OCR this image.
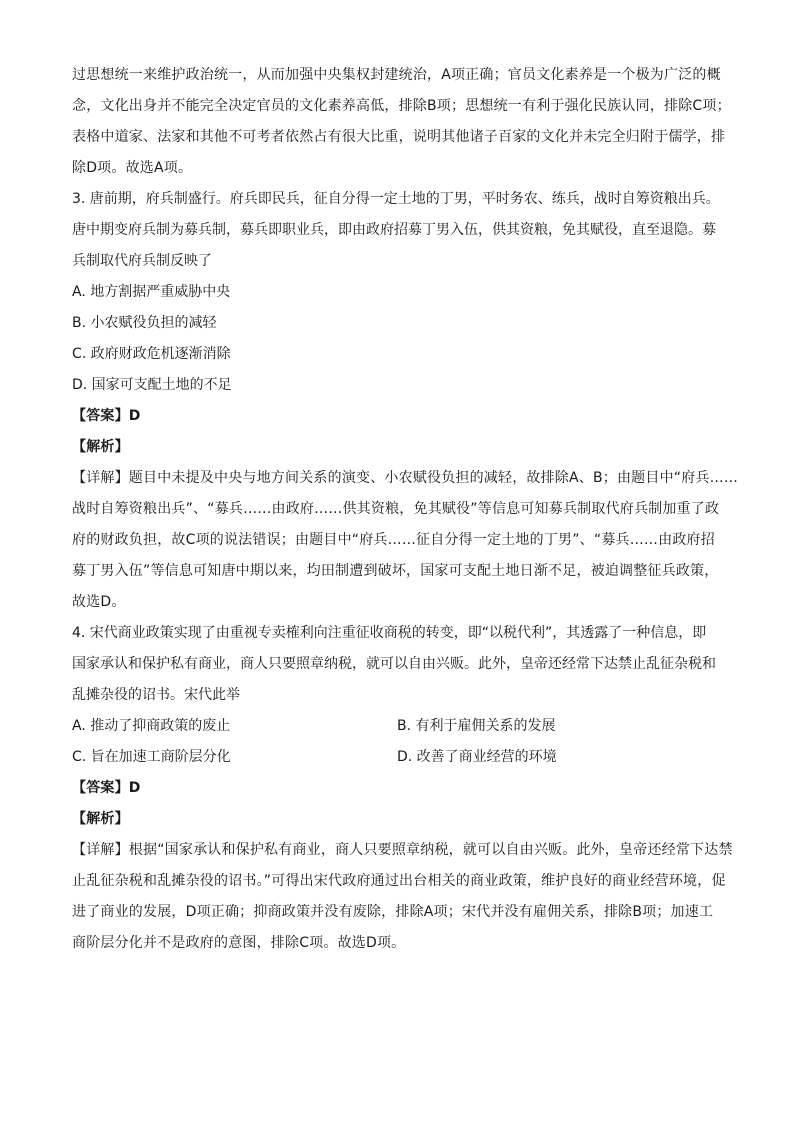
过思想统一来维护政治统一，从而加强中央集权封建统治，A项正确；官员文化素养是一个极为广泛的概

念，文化出身并不能完全决定官员的文化素养高低，排除B项；思想统一有利于强化民族认同，排除C项；

表格中道家、法家和其他不可考者依然占有很大比重，说明其他诸子百家的文化并未完全归附于儒学，排

除D项。故选A项。

3. 唐前期，府兵制盛行。府兵即民兵，征自分得一定土地的丁男，平时务农、练兵，战时自筹资粮出兵。

唐中期变府兵制为募兵制，募兵即职业兵，即由政府招募丁男入伍，供其资粮，免其赋役，直至退隐。募

兵制取代府兵制反映了

A. 地方割据严重威胁中央

B. 小农赋役负担的减轻

C. 政府财政危机逐渐消除

D. 国家可支配土地的不足

【答案】D

【解析】

【详解】题目中未提及中央与地方间关系的演变、小农赋役负担的减轻，故排除A、B；由题目中“府兵……

战时自筹资粮出兵”、“募兵……由政府……供其资粮，免其赋役”等信息可知募兵制取代府兵制加重了政

府的财政负担，故C项的说法错误；由题目中“府兵……征自分得一定土地的丁男”、“募兵……由政府招

募丁男入伍”等信息可知唐中期以来，均田制遭到破坏，国家可支配土地日渐不足，被迫调整征兵政策，

故选D。

4. 宋代商业政策实现了由重视专卖榷利向注重征收商税的转变，即“以税代利”，其透露了一种信息，即

国家承认和保护私有商业，商人只要照章纳税，就可以自由兴贩。此外，皇帝还经常下达禁止乱征杂税和

乱摊杂役的诏书。宋代此举

A. 推动了抑商政策的废止	B. 有利于雇佣关系的发展
C. 旨在加速工商阶层分化	D. 改善了商业经营的环境

【答案】D

【解析】

【详解】根据“国家承认和保护私有商业，商人只要照章纳税，就可以自由兴贩。此外，皇帝还经常下达禁

止乱征杂税和乱摊杂役的诏书。”可得出宋代政府通过出台相关的商业政策，维护良好的商业经营环境，促

进了商业的发展，D项正确；抑商政策并没有废除，排除A项；宋代并没有雇佣关系，排除B项；加速工

商阶层分化并不是政府的意图，排除C项。故选D项。
